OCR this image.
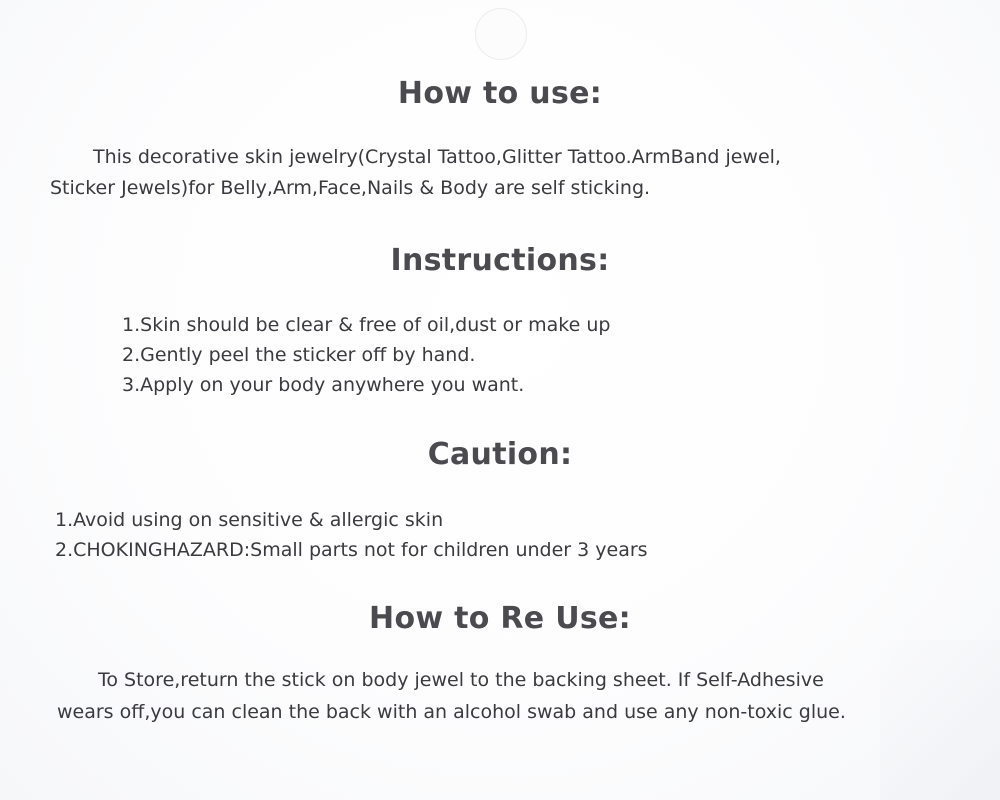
How to use:

This decorative skin jewelry(Crystal Tattoo,Glitter Tattoo.ArmBand jewel,

Sticker Jewels)for Belly,Arm,Face,Nails & Body are self sticking.

Instructions:
1.Skin should be clear & free of oil,dust or make up
2.Gently peel the sticker off by hand.
3.Apply on your body anywhere you want.
Caution:
1.Avoid using on sensitive & allergic skin
2.CHOKINGHAZARD:Small parts not for children under 3 years
How to Re Use:

To Store,return the stick on body jewel to the backing sheet. If Self-Adhesive

wears off,you can clean the back with an alcohol swab and use any non-toxic glue.
